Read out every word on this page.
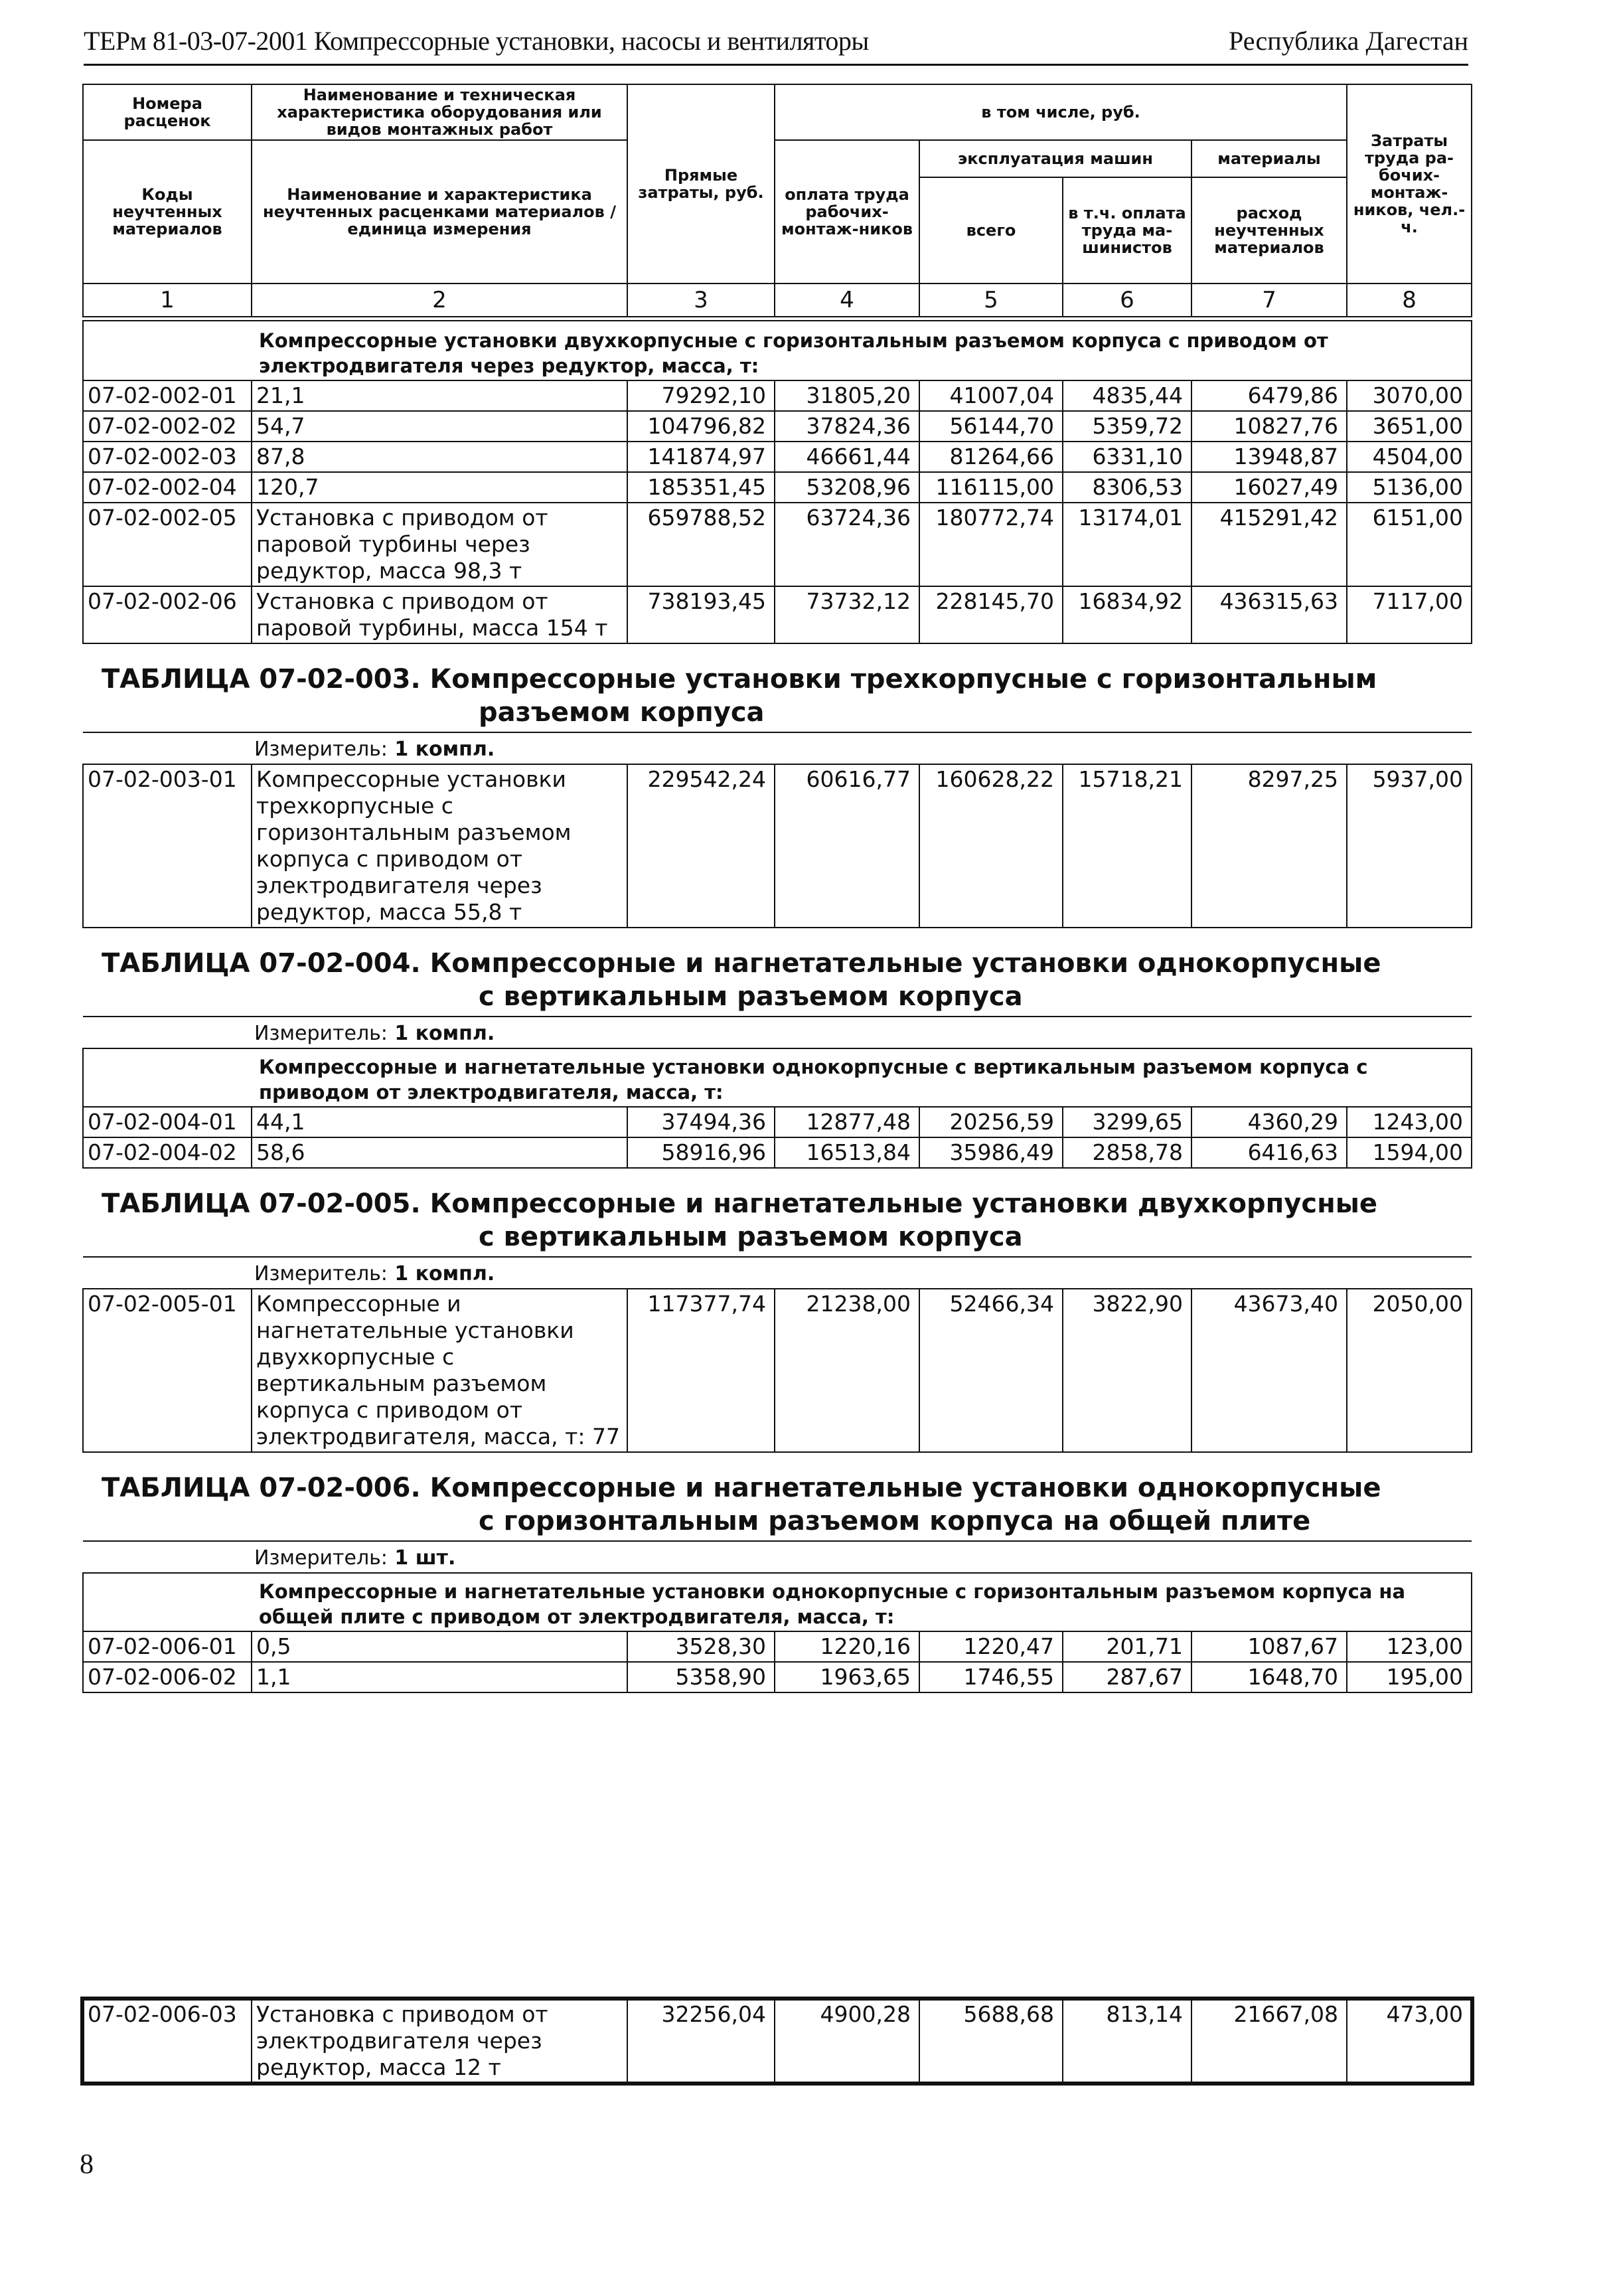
ТЕРм 81-03-07-2001 Компрессорные установки, насосы и вентиляторы	Республика Дагестан
Номера расценок	Наименование и техническая характеристика оборудования или видов монтажных работ	Прямые затраты, руб.	в том числе, руб.				Затраты труда ра-бочих-монтаж-ников, чел.-ч.
Коды неучтенных материалов	Наименование и характеристика неучтенных расценками материалов / единица измерения		оплата труда рабочих-монтаж-ников	эксплуатация машин		материалы	
				всего	в т.ч. оплата труда ма-шинистов	расход неучтенных материалов	
1	2	3	4	5	6	7	8

Компрессорные установки двухкорпусные с горизонтальным разъемом корпуса с приводом от электродвигателя через редуктор, масса, т:							

07-02-002-01	21,1	79292,10	31805,20	41007,04	4835,44	6479,86	3070,00
07-02-002-02	54,7	104796,82	37824,36	56144,70	5359,72	10827,76	3651,00
07-02-002-03	87,8	141874,97	46661,44	81264,66	6331,10	13948,87	4504,00
07-02-002-04	120,7	185351,45	53208,96	116115,00	8306,53	16027,49	5136,00
07-02-002-05	Установка с приводом от паровой турбины через редуктор, масса 98,3 т	659788,52	63724,36	180772,74	13174,01	415291,42	6151,00
07-02-002-06	Установка с приводом от паровой турбины, масса 154 т	738193,45	73732,12	228145,70	16834,92	436315,63	7117,00
ТАБЛИЦА 07-02-003. Компрессорные установки трехкорпусные с горизонтальным
разъемом корпуса							

Измеритель: 1 компл.							
07-02-003-01	Компрессорные установки трехкорпусные с горизонтальным разъемом корпуса с приводом от электродвигателя через редуктор, масса 55,8 т	229542,24	60616,77	160628,22	15718,21	8297,25	5937,00
ТАБЛИЦА 07-02-004. Компрессорные и нагнетательные установки однокорпусные
с вертикальным разъемом корпуса							

Измеритель: 1 компл.							

Компрессорные и нагнетательные установки однокорпусные с вертикальным разъемом корпуса с приводом от электродвигателя, масса, т:							

07-02-004-01	44,1	37494,36	12877,48	20256,59	3299,65	4360,29	1243,00
07-02-004-02	58,6	58916,96	16513,84	35986,49	2858,78	6416,63	1594,00
ТАБЛИЦА 07-02-005. Компрессорные и нагнетательные установки двухкорпусные
с вертикальным разъемом корпуса							

Измеритель: 1 компл.							
07-02-005-01	Компрессорные и нагнетательные установки двухкорпусные с вертикальным разъемом корпуса с приводом от электродвигателя, масса, т: 77	117377,74	21238,00	52466,34	3822,90	43673,40	2050,00
ТАБЛИЦА 07-02-006. Компрессорные и нагнетательные установки однокорпусные
с горизонтальным разъемом корпуса на общей плите							

Измеритель: 1 шт.							

Компрессорные и нагнетательные установки однокорпусные с горизонтальным разъемом корпуса на общей плите с приводом от электродвигателя, масса, т:							

07-02-006-01	0,5	3528,30	1220,16	1220,47	201,71	1087,67	123,00
07-02-006-02	1,1	5358,90	1963,65	1746,55	287,67	1648,70	195,00
07-02-006-03	Установка с приводом от электродвигателя через редуктор, масса 12 т	32256,04	4900,28	5688,68	813,14	21667,08	473,00
8
